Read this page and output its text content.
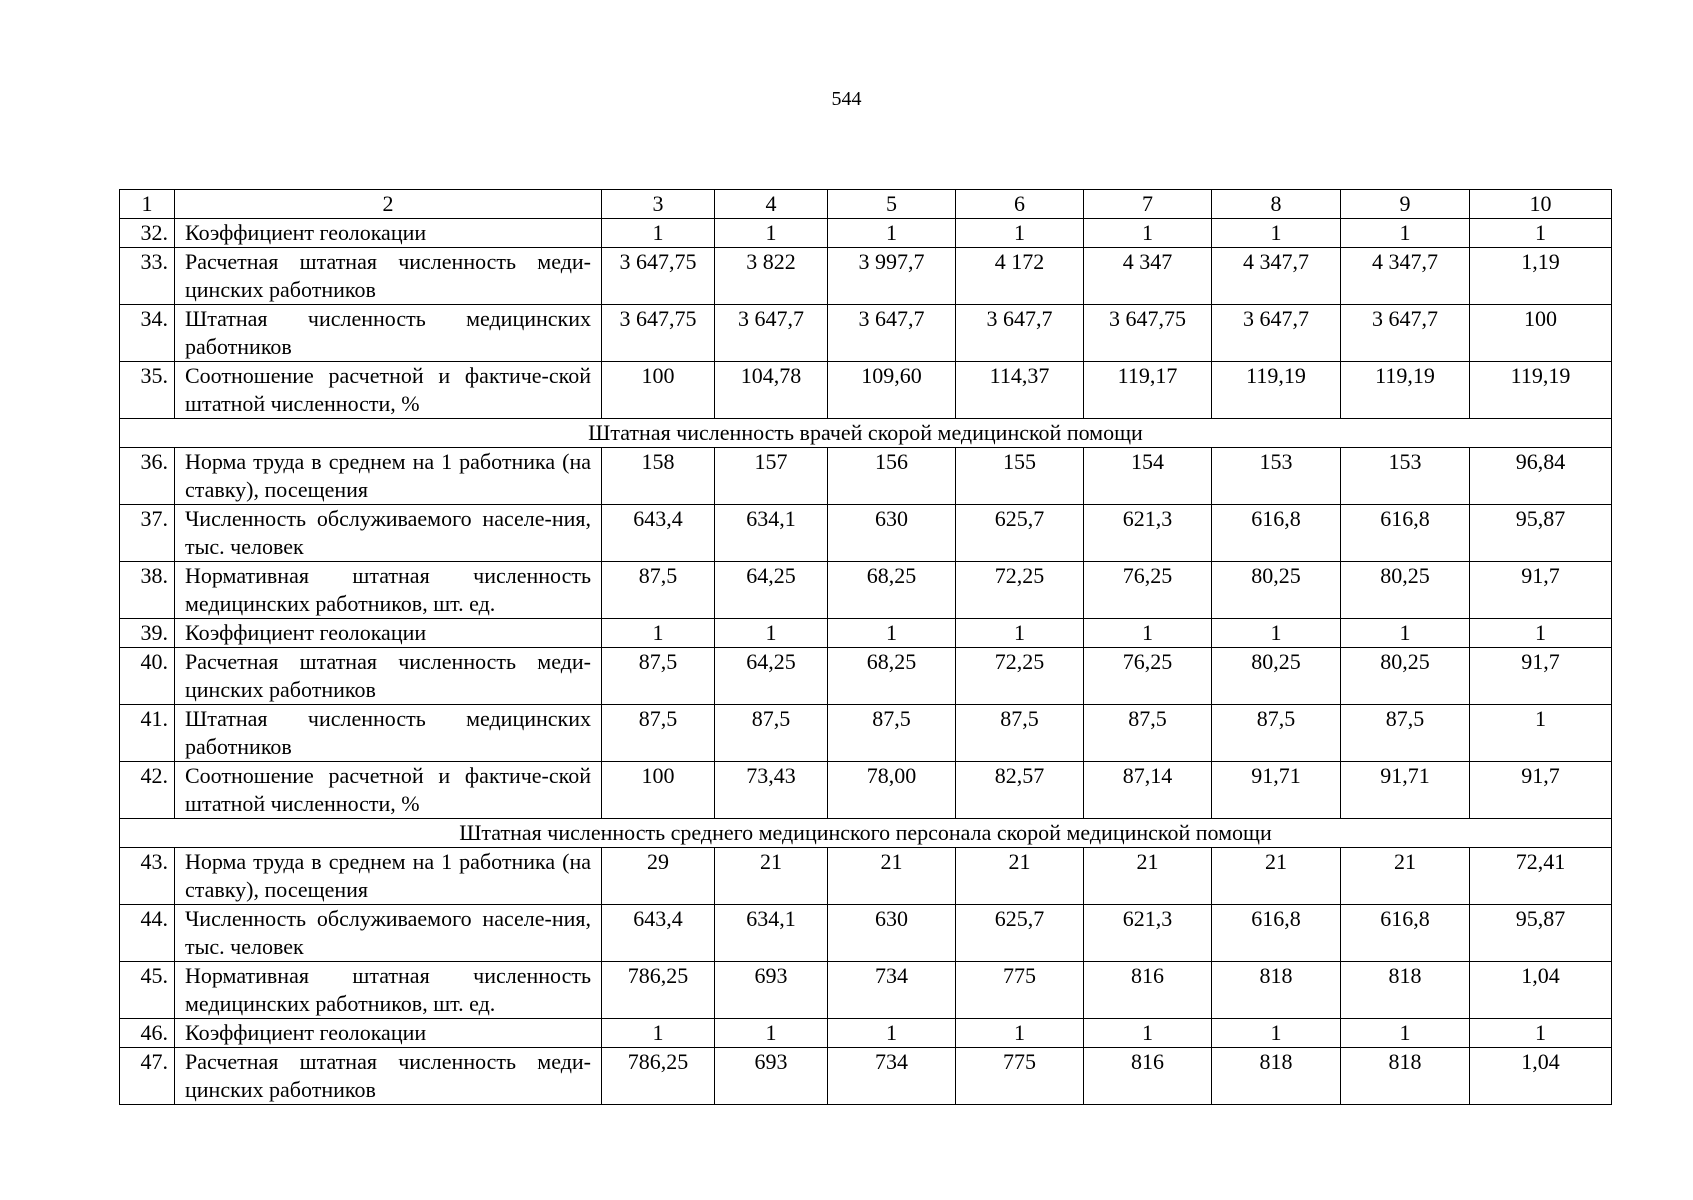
544
1	2	3	4	5	6	7	8	9	10
32.	Коэффициент геолокации	1	1	1	1	1	1	1	1
33.	Расчетная штатная численность меди-цинских работников	3 647,75	3 822	3 997,7	4 172	4 347	4 347,7	4 347,7	1,19
34.	Штатная численность медицинских работников	3 647,75	3 647,7	3 647,7	3 647,7	3 647,75	3 647,7	3 647,7	100
35.	Соотношение расчетной и фактиче-ской штатной численности, %	100	104,78	109,60	114,37	119,17	119,19	119,19	119,19
Штатная численность врачей скорой медицинской помощи									
36.	Норма труда в среднем на 1 работника (на ставку), посещения	158	157	156	155	154	153	153	96,84
37.	Численность обслуживаемого населе-ния, тыс. человек	643,4	634,1	630	625,7	621,3	616,8	616,8	95,87
38.	Нормативная штатная численность медицинских работников, шт. ед.	87,5	64,25	68,25	72,25	76,25	80,25	80,25	91,7
39.	Коэффициент геолокации	1	1	1	1	1	1	1	1
40.	Расчетная штатная численность меди-цинских работников	87,5	64,25	68,25	72,25	76,25	80,25	80,25	91,7
41.	Штатная численность медицинских работников	87,5	87,5	87,5	87,5	87,5	87,5	87,5	1
42.	Соотношение расчетной и фактиче-ской штатной численности, %	100	73,43	78,00	82,57	87,14	91,71	91,71	91,7
Штатная численность среднего медицинского персонала скорой медицинской помощи									
43.	Норма труда в среднем на 1 работника (на ставку), посещения	29	21	21	21	21	21	21	72,41
44.	Численность обслуживаемого населе-ния, тыс. человек	643,4	634,1	630	625,7	621,3	616,8	616,8	95,87
45.	Нормативная штатная численность медицинских работников, шт. ед.	786,25	693	734	775	816	818	818	1,04
46.	Коэффициент геолокации	1	1	1	1	1	1	1	1
47.	Расчетная штатная численность меди-цинских работников	786,25	693	734	775	816	818	818	1,04
